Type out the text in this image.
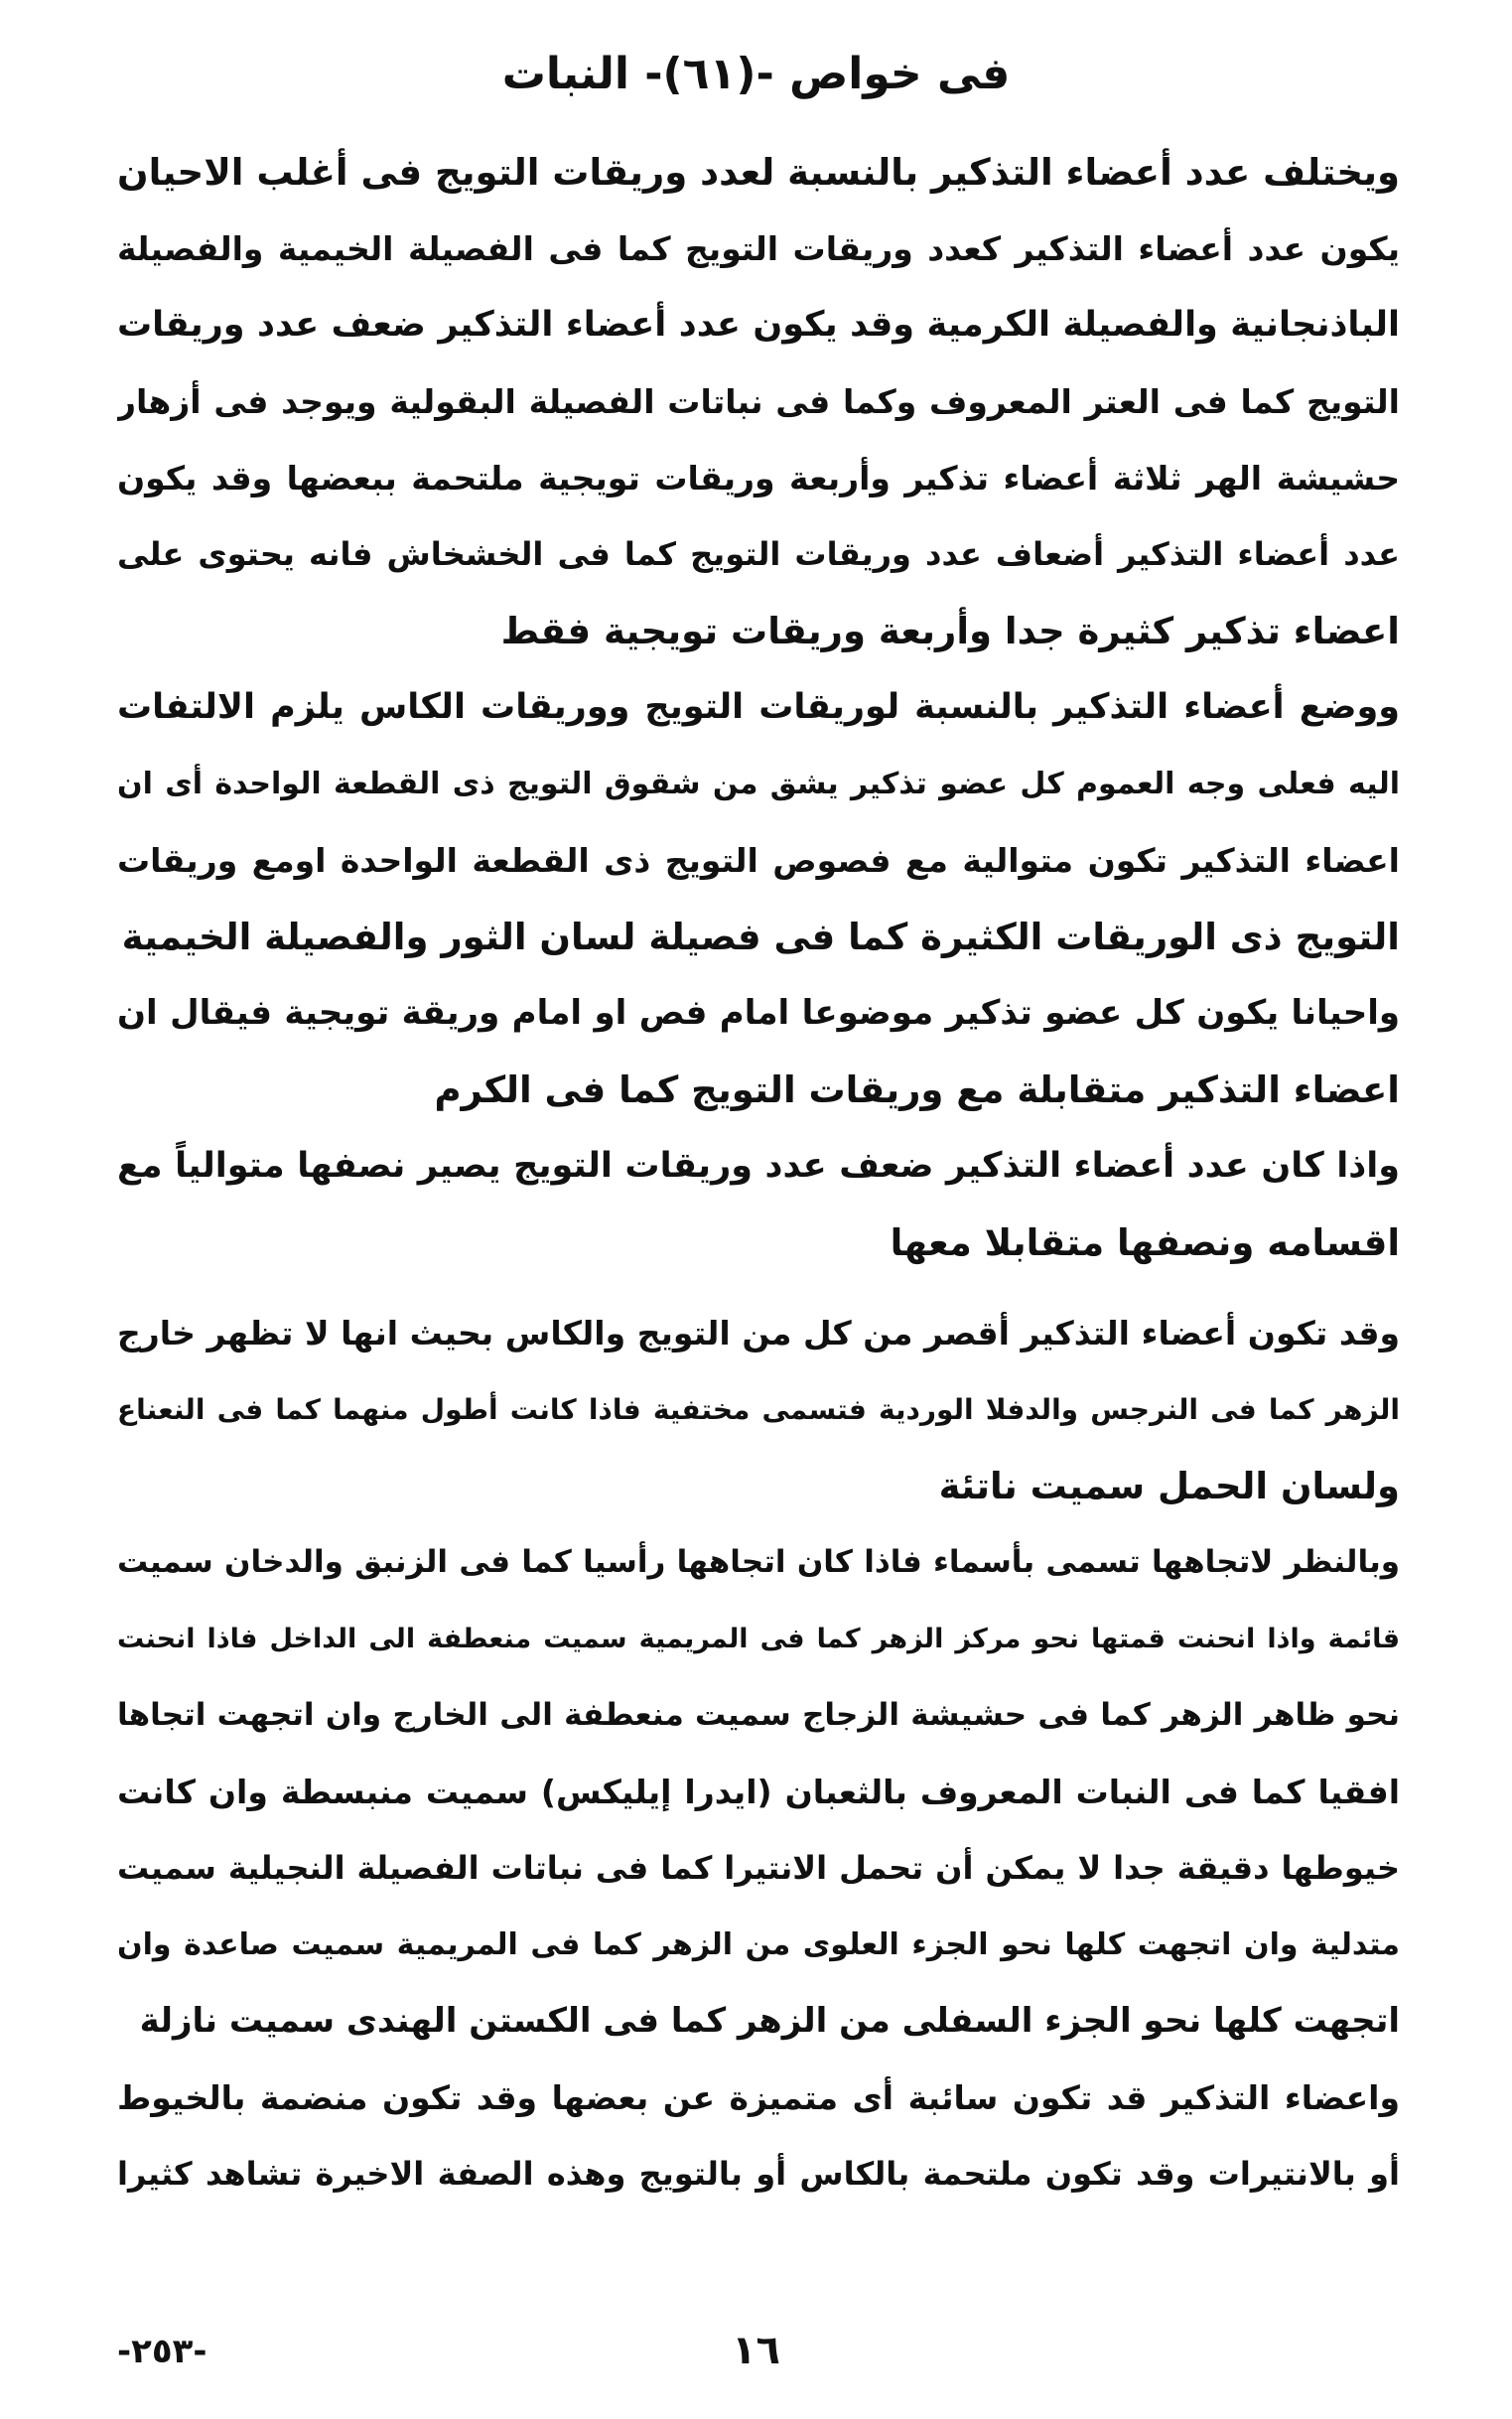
فى خواص -(٦١)- النبات
ويختلف عدد أعضاء التذكير بالنسبة لعدد وريقات التويج فى أغلب الاحيان
يكون عدد أعضاء التذكير كعدد وريقات التويج كما فى الفصيلة الخيمية والفصيلة
الباذنجانية والفصيلة الكرمية وقد يكون عدد أعضاء التذكير ضعف عدد وريقات
التويج كما فى العتر المعروف وكما فى نباتات الفصيلة البقولية ويوجد فى أزهار
حشيشة الهر ثلاثة أعضاء تذكير وأربعة وريقات تويجية ملتحمة ببعضها وقد يكون
عدد أعضاء التذكير أضعاف عدد وريقات التويج كما فى الخشخاش فانه يحتوى على
اعضاء تذكير كثيرة جدا وأربعة وريقات تويجية فقط
ووضع أعضاء التذكير بالنسبة لوريقات التويج ووريقات الكاس يلزم الالتفات
اليه فعلى وجه العموم كل عضو تذكير يشق من شقوق التويج ذى القطعة الواحدة أى ان
اعضاء التذكير تكون متوالية مع فصوص التويج ذى القطعة الواحدة اومع وريقات
التويج ذى الوريقات الكثيرة كما فى فصيلة لسان الثور والفصيلة الخيمية
واحيانا يكون كل عضو تذكير موضوعا امام فص او امام وريقة تويجية فيقال ان
اعضاء التذكير متقابلة مع وريقات التويج كما فى الكرم
واذا كان عدد أعضاء التذكير ضعف عدد وريقات التويج يصير نصفها متوالياً مع
اقسامه ونصفها متقابلا معها
وقد تكون أعضاء التذكير أقصر من كل من التويج والكاس بحيث انها لا تظهر خارج
الزهر كما فى النرجس والدفلا الوردية فتسمى مختفية فاذا كانت أطول منهما كما فى النعناع
ولسان الحمل سميت ناتئة
وبالنظر لاتجاهها تسمى بأسماء فاذا كان اتجاهها رأسيا كما فى الزنبق والدخان سميت
قائمة واذا انحنت قمتها نحو مركز الزهر كما فى المريمية سميت منعطفة الى الداخل فاذا انحنت
نحو ظاهر الزهر كما فى حشيشة الزجاج سميت منعطفة الى الخارج وان اتجهت اتجاها
افقيا كما فى النبات المعروف بالثعبان (ايدرا إيليكس) سميت منبسطة وان كانت
خيوطها دقيقة جدا لا يمكن أن تحمل الانتيرا كما فى نباتات الفصيلة النجيلية سميت
متدلية وان اتجهت كلها نحو الجزء العلوى من الزهر كما فى المريمية سميت صاعدة وان
اتجهت كلها نحو الجزء السفلى من الزهر كما فى الكستن الهندى سميت نازلة
واعضاء التذكير قد تكون سائبة أى متميزة عن بعضها وقد تكون منضمة بالخيوط
أو بالانتيرات وقد تكون ملتحمة بالكاس أو بالتويج وهذه الصفة الاخيرة تشاهد كثيرا
-٢٥٣-	١٦
